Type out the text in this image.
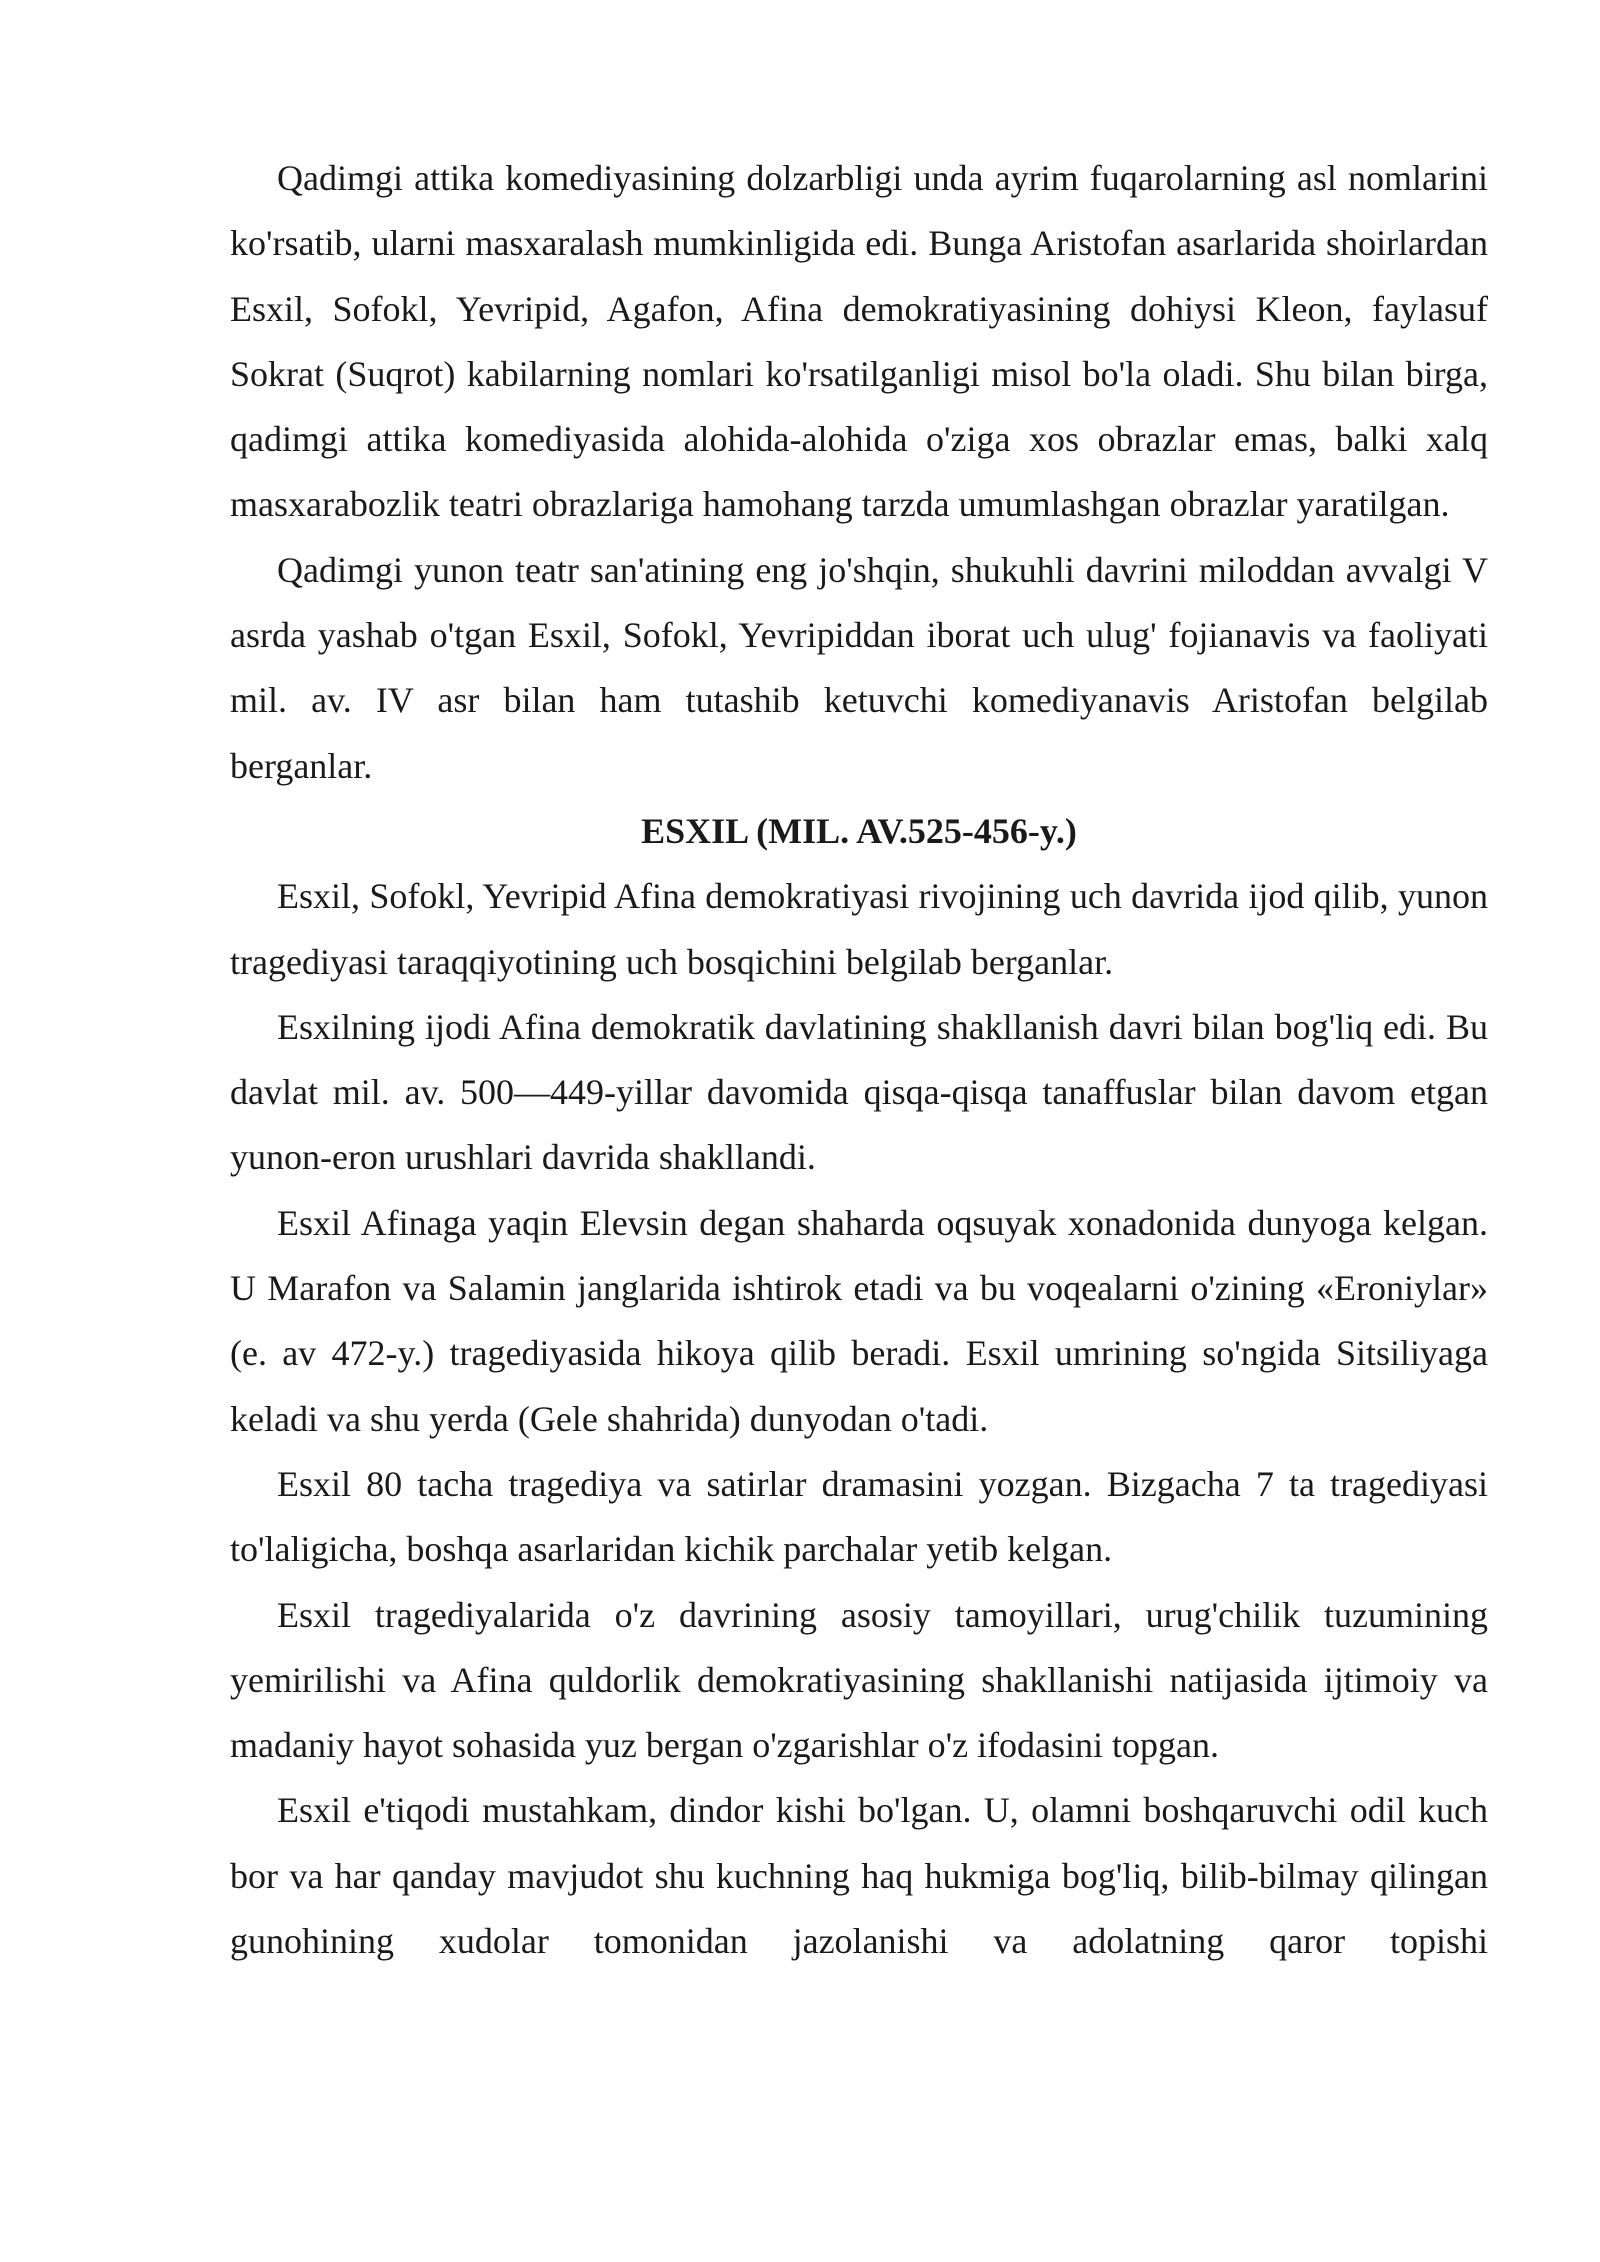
Qadimgi attika komediyasining dolzarbligi unda ayrim fuqarolarning asl nomlarini ko'rsatib, ularni masxaralash mumkinligida edi. Bunga Aristofan asarlarida shoirlardan Esxil, Sofokl, Yevripid, Agafon, Afina demokratiyasining dohiysi Kleon, faylasuf Sokrat (Suqrot) kabilarning nomlari ko'rsatilganligi misol bo'la oladi. Shu bilan birga, qadimgi attika komediyasida alohida-alohida o'ziga xos obrazlar emas, balki xalq masxarabozlik teatri obrazlariga hamohang tarzda umumlashgan obrazlar yaratilgan.

Qadimgi yunon teatr san'atining eng jo'shqin, shukuhli davrini miloddan avvalgi V asrda yashab o'tgan Esxil, Sofokl, Yevripiddan iborat uch ulug' fojianavis va faoliyati mil. av. IV asr bilan ham tutashib ketuvchi komediyanavis Aristofan belgilab berganlar.

ESXIL (MIL. AV.525-456-y.)

Esxil, Sofokl, Yevripid Afina demokratiyasi rivojining uch davrida ijod qilib, yunon tragediyasi taraqqiyotining uch bosqichini belgilab berganlar.

Esxilning ijodi Afina demokratik davlatining shakllanish davri bilan bog'liq edi. Bu davlat mil. av. 500—449-yillar davomida qisqa-qisqa tanaffuslar bilan davom etgan yunon-eron urushlari davrida shakllandi.

Esxil Afinaga yaqin Elevsin degan shaharda oqsuyak xonadonida dunyoga kelgan. U Marafon va Salamin janglarida ishtirok etadi va bu voqealarni o'zining «Eroniylar» (e. av 472-y.) tragediyasida hikoya qilib beradi. Esxil umrining so'ngida Sitsiliyaga keladi va shu yerda (Gele shahrida) dunyodan o'tadi.

Esxil 80 tacha tragediya va satirlar dramasini yozgan. Bizgacha 7 ta tragediyasi to'laligicha, boshqa asarlaridan kichik parchalar yetib kelgan.

Esxil tragediyalarida o'z davrining asosiy tamoyillari, urug'chilik tuzumining yemirilishi va Afina quldorlik demokratiyasining shakllanishi natijasida ijtimoiy va madaniy hayot sohasida yuz bergan o'zgarishlar o'z ifodasini topgan.

Esxil e'tiqodi mustahkam, dindor kishi bo'lgan. U, olamni boshqaruvchi odil kuch bor va har qanday mavjudot shu kuchning haq hukmiga bog'liq, bilib-bilmay qilingan gunohining xudolar tomonidan jazolanishi va adolatning qaror topishi
